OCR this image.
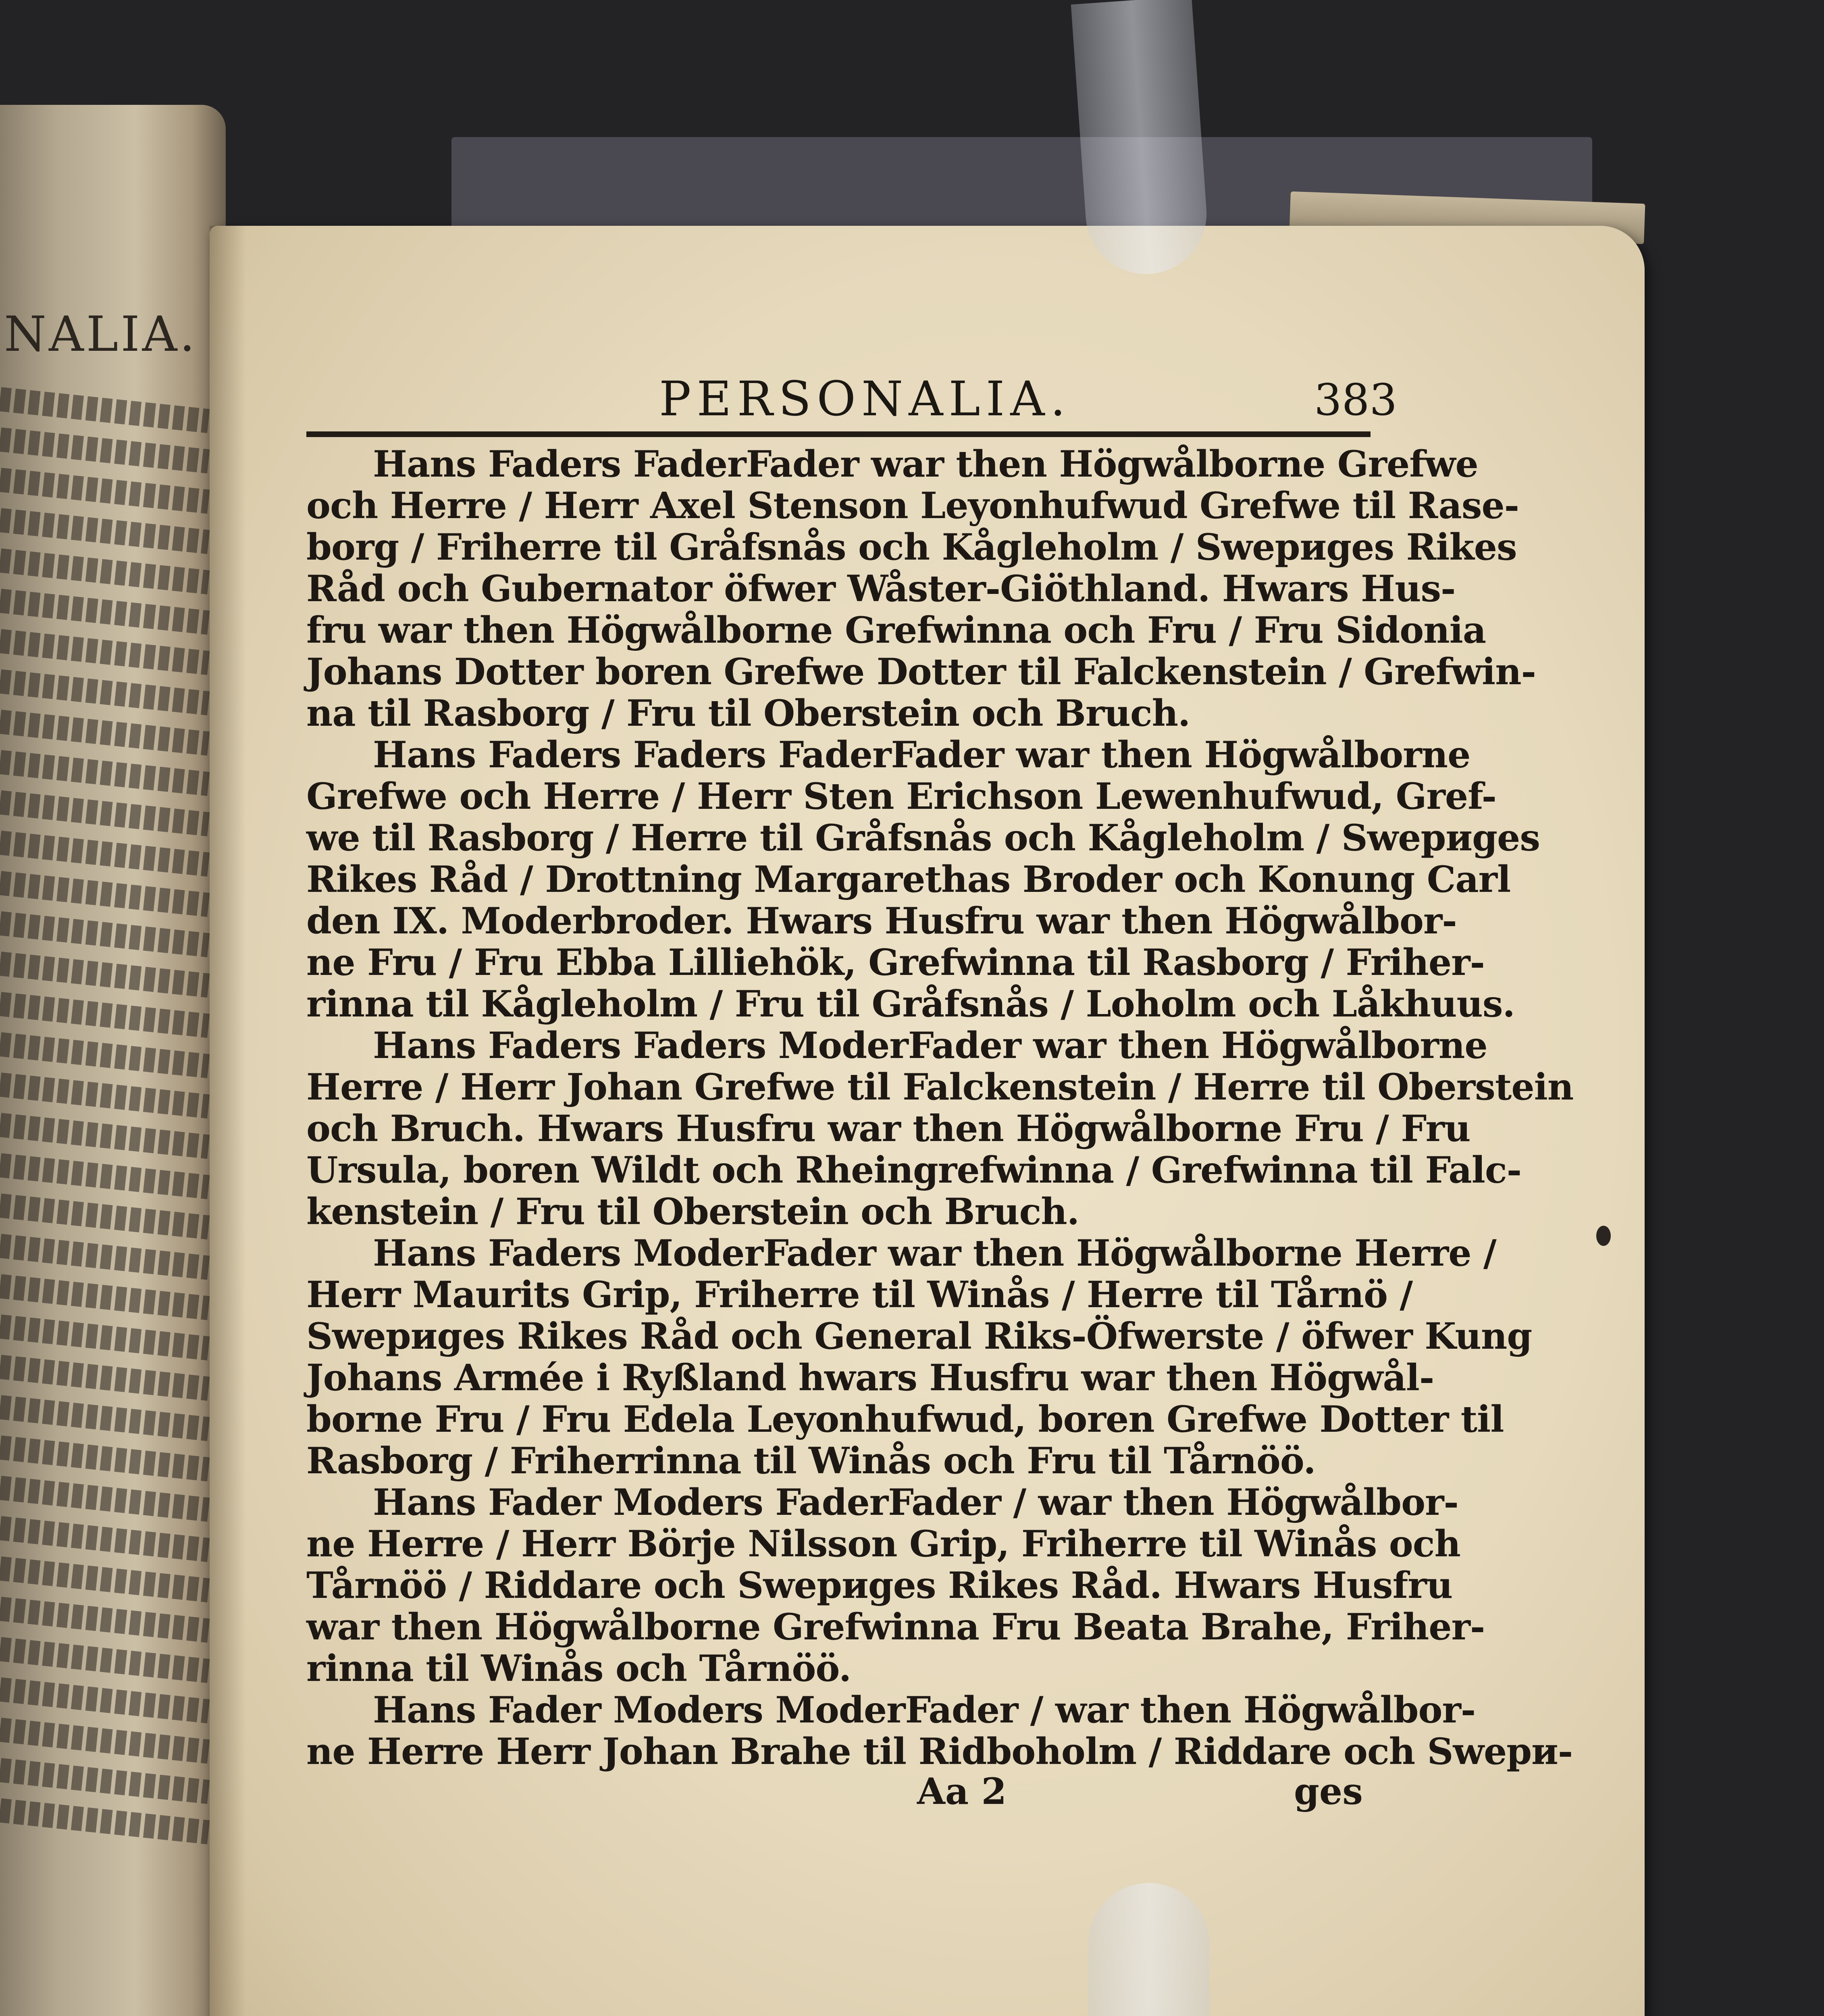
NALIA.
PERSONALIA.	383
Hans Faders FaderFader war then Högwålborne Grefwe
och Herre / Herr Axel Stenson Leyonhufwud Grefwe til Rase-
borg / Friherre til Gråfsnås och Kågleholm / Swериges Rikes
Råd och Gubernator öfwer Wåster-Giöthland. Hwars Hus-
fru war then Högwålborne Grefwinna och Fru / Fru Sidonia
Johans Dotter boren Grefwe Dotter til Falckenstein / Grefwin-
na til Rasborg / Fru til Oberstein och Bruch.
Hans Faders Faders FaderFader war then Högwålborne
Grefwe och Herre / Herr Sten Erichson Lewenhufwud, Gref-
we til Rasborg / Herre til Gråfsnås och Kågleholm / Swериges
Rikes Råd / Drottning Margarethas Broder och Konung Carl
den IX. Moderbroder. Hwars Husfru war then Högwålbor-
ne Fru / Fru Ebba Lilliehök, Grefwinna til Rasborg / Friher-
rinna til Kågleholm / Fru til Gråfsnås / Loholm och Låkhuus.
Hans Faders Faders ModerFader war then Högwålborne
Herre / Herr Johan Grefwe til Falckenstein / Herre til Oberstein
och Bruch. Hwars Husfru war then Högwålborne Fru / Fru
Ursula, boren Wildt och Rheingrefwinna / Grefwinna til Falc-
kenstein / Fru til Oberstein och Bruch.
Hans Faders ModerFader war then Högwålborne Herre /
Herr Maurits Grip, Friherre til Winås / Herre til Tårnö /
Swериges Rikes Råd och General Riks-Öfwerste / öfwer Kung
Johans Armée i Ryßland hwars Husfru war then Högwål-
borne Fru / Fru Edela Leyonhufwud, boren Grefwe Dotter til
Rasborg / Friherrinna til Winås och Fru til Tårnöö.
Hans Fader Moders FaderFader / war then Högwålbor-
ne Herre / Herr Börje Nilsson Grip, Friherre til Winås och
Tårnöö / Riddare och Swериges Rikes Råd. Hwars Husfru
war then Högwålborne Grefwinna Fru Beata Brahe, Friher-
rinna til Winås och Tårnöö.
Hans Fader Moders ModerFader / war then Högwålbor-
ne Herre Herr Johan Brahe til Ridboholm / Riddare och Swери-
Aa 2	ges
